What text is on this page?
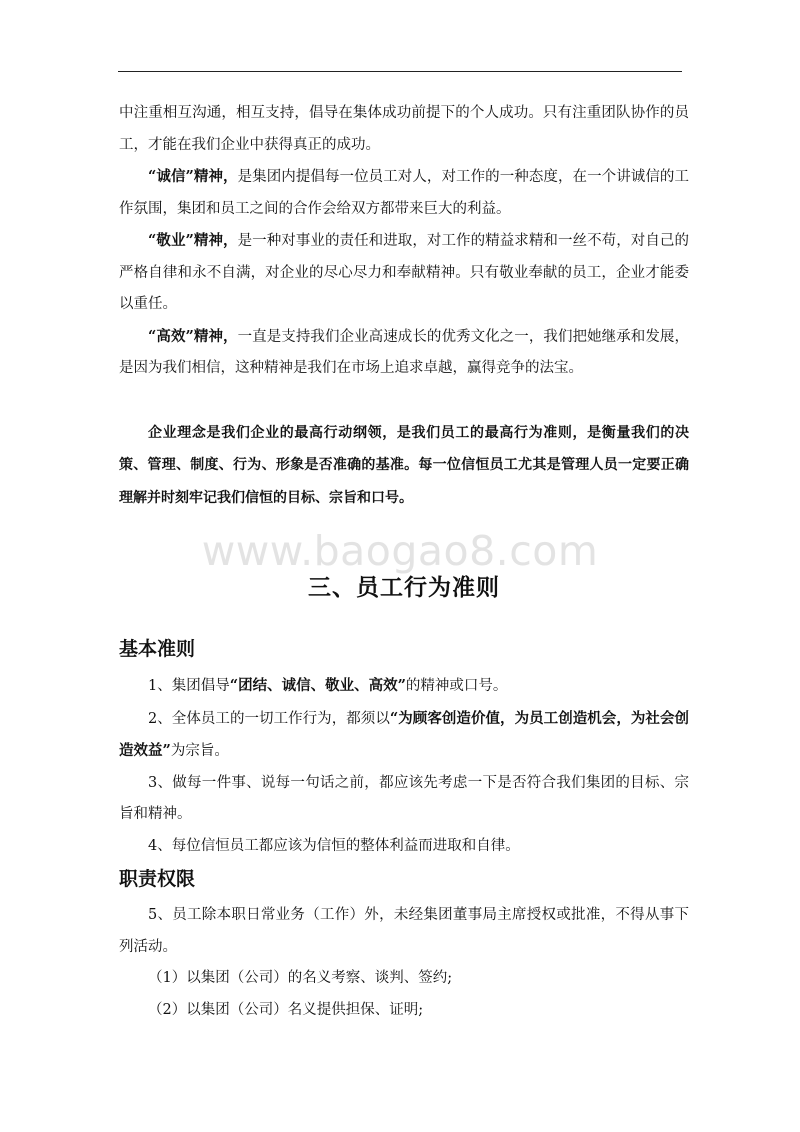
www.baogao8.com

中注重相互沟通，相互支持，倡导在集体成功前提下的个人成功。只有注重团队协作的员工，才能在我们企业中获得真正的成功。

“诚信”精神，是集团内提倡每一位员工对人，对工作的一种态度，在一个讲诚信的工作氛围，集团和员工之间的合作会给双方都带来巨大的利益。

“敬业”精神，是一种对事业的责任和进取，对工作的精益求精和一丝不苟，对自己的严格自律和永不自满，对企业的尽心尽力和奉献精神。只有敬业奉献的员工，企业才能委以重任。

“高效”精神，一直是支持我们企业高速成长的优秀文化之一，我们把她继承和发展，是因为我们相信，这种精神是我们在市场上追求卓越，赢得竞争的法宝。

企业理念是我们企业的最高行动纲领，是我们员工的最高行为准则，是衡量我们的决策、管理、制度、行为、形象是否准确的基准。每一位信恒员工尤其是管理人员一定要正确理解并时刻牢记我们信恒的目标、宗旨和口号。

三、员工行为准则
基本准则

1、集团倡导“团结、诚信、敬业、高效”的精神或口号。

2、全体员工的一切工作行为，都须以“为顾客创造价值，为员工创造机会，为社会创造效益”为宗旨。

3、做每一件事、说每一句话之前，都应该先考虑一下是否符合我们集团的目标、宗旨和精神。

4、每位信恒员工都应该为信恒的整体利益而进取和自律。

职责权限

5、员工除本职日常业务（工作）外，未经集团董事局主席授权或批准，不得从事下列活动。

（1）以集团（公司）的名义考察、谈判、签约;

（2）以集团（公司）名义提供担保、证明;
